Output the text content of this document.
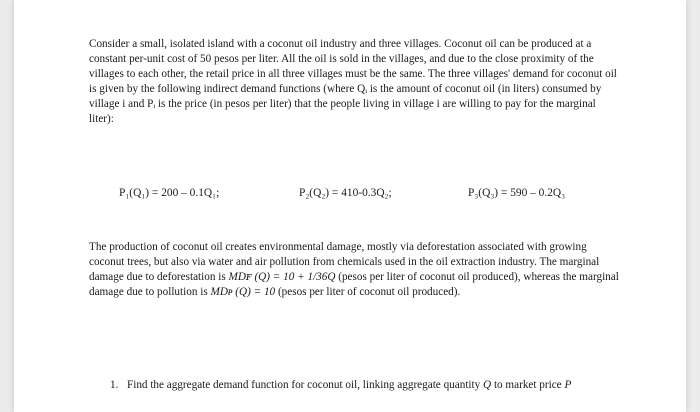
Consider a small, isolated island with a coconut oil industry and three villages. Coconut oil can be produced at a constant per-unit cost of 50 pesos per liter. All the oil is sold in the villages, and due to the close proximity of the villages to each other, the retail price in all three villages must be the same. The three villages' demand for coconut oil is given by the following indirect demand functions (where Qᵢ is the amount of coconut oil (in liters) consumed by village i and Pᵢ is the price (in pesos per liter) that the people living in village i are willing to pay for the marginal liter):
P₁(Q₁) = 200 – 0.1Q₁;	P₂(Q₂) = 410-0.3Q₂;	P₃(Q₃) = 590 – 0.2Q₃
The production of coconut oil creates environmental damage, mostly via deforestation associated with growing coconut trees, but also via water and air pollution from chemicals used in the oil extraction industry. The marginal damage due to deforestation is MDꜰ (Q) = 10 + 1/36Q (pesos per liter of coconut oil produced), whereas the marginal damage due to pollution is MDᴘ (Q) = 10 (pesos per liter of coconut oil produced).
1. Find the aggregate demand function for coconut oil, linking aggregate quantity Q to market price P
